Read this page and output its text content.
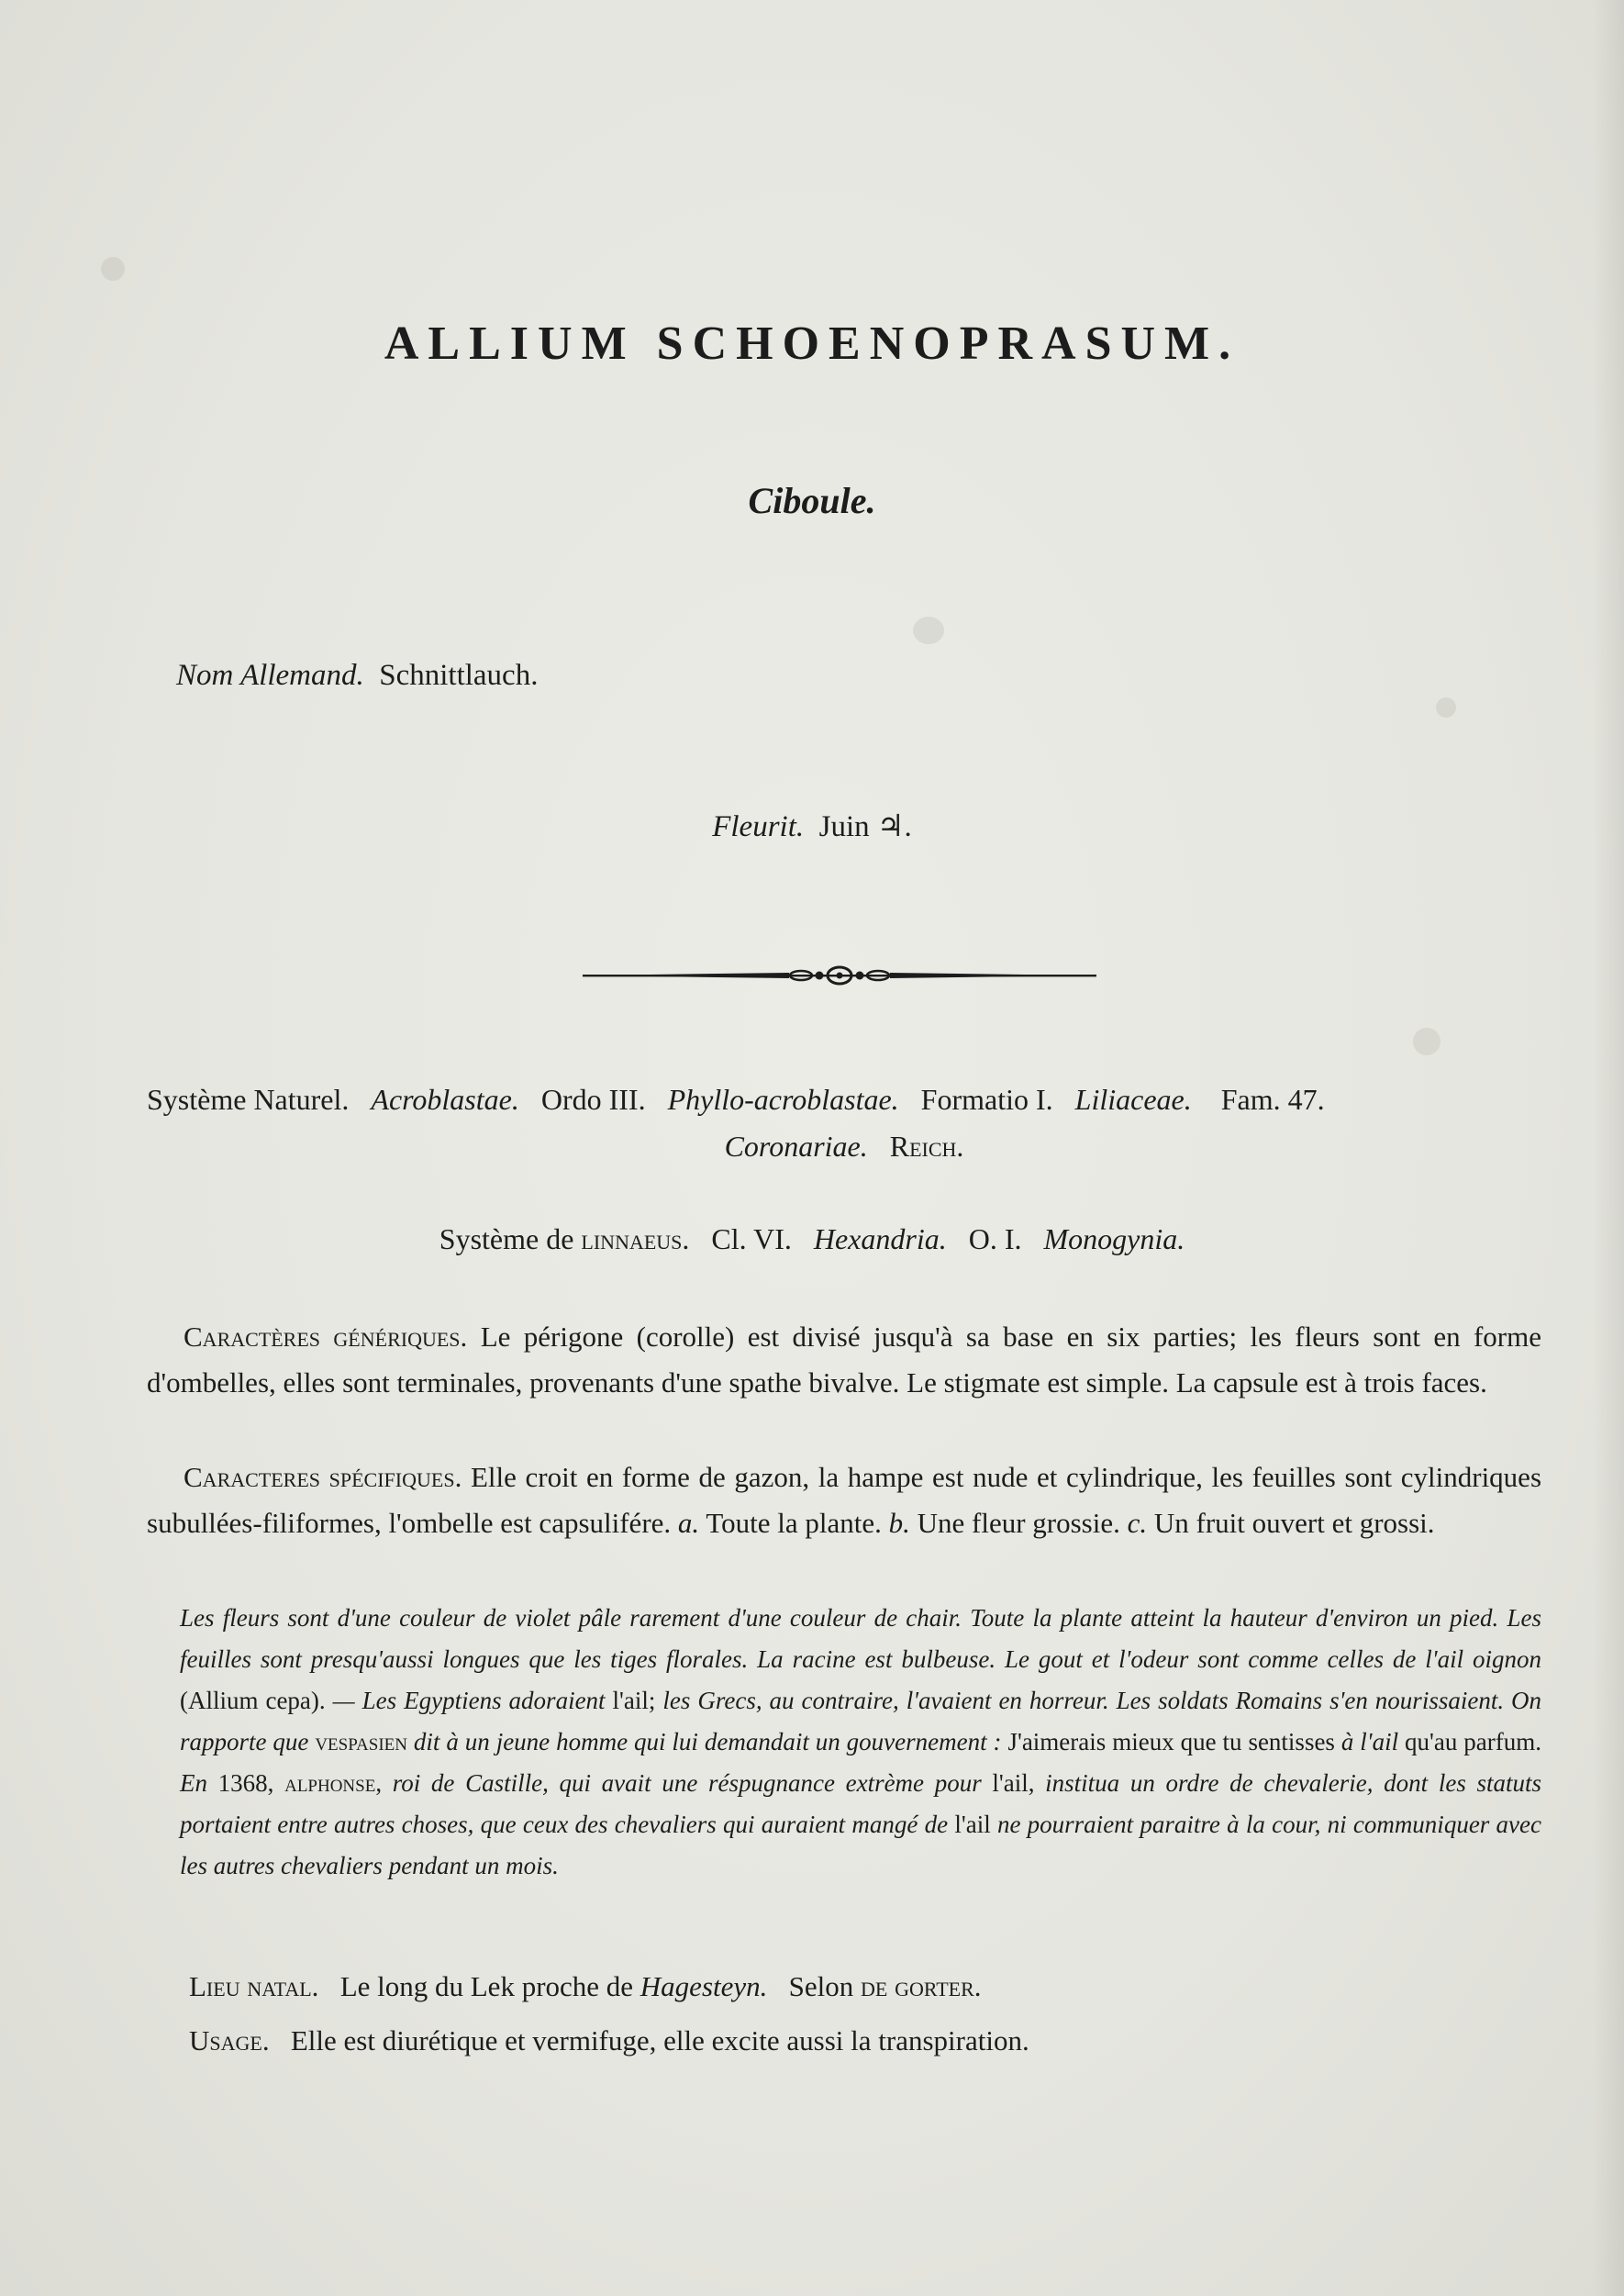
ALLIUM SCHOENOPRASUM.
Ciboule.
Nom Allemand. Schnittlauch.
Fleurit. Juin ♃.
Système Naturel. Acroblastae. Ordo III. Phyllo-acroblastae. Formatio I. Liliaceae. Fam. 47.
Coronariae. Reich.
Système de linnaeus. Cl. VI. Hexandria. O. I. Monogynia.
Caractères génériques. Le périgone (corolle) est divisé jusqu'à sa base en six parties; les fleurs sont en forme d'ombelles, elles sont terminales, provenants d'une spathe bivalve. Le stigmate est simple. La capsule est à trois faces.
Caracteres spécifiques. Elle croit en forme de gazon, la hampe est nude et cylindrique, les feuilles sont cylindriques subullées-filiformes, l'ombelle est capsulifére. a. Toute la plante. b. Une fleur grossie. c. Un fruit ouvert et grossi.
Les fleurs sont d'une couleur de violet pâle rarement d'une couleur de chair. Toute la plante atteint la hauteur d'environ un pied. Les feuilles sont presqu'aussi longues que les tiges florales. La racine est bulbeuse. Le gout et l'odeur sont comme celles de l'ail oignon (Allium cepa). — Les Egyptiens adoraient l'ail; les Grecs, au contraire, l'avaient en horreur. Les soldats Romains s'en nourissaient. On rapporte que vespasien dit à un jeune homme qui lui demandait un gouvernement : J'aimerais mieux que tu sentisses à l'ail qu'au parfum. En 1368, alphonse, roi de Castille, qui avait une réspugnance extrème pour l'ail, institua un ordre de chevalerie, dont les statuts portaient entre autres choses, que ceux des chevaliers qui auraient mangé de l'ail ne pourraient paraitre à la cour, ni communiquer avec les autres chevaliers pendant un mois.
Lieu natal. Le long du Lek proche de Hagesteyn. Selon de gorter.
Usage. Elle est diurétique et vermifuge, elle excite aussi la transpiration.
